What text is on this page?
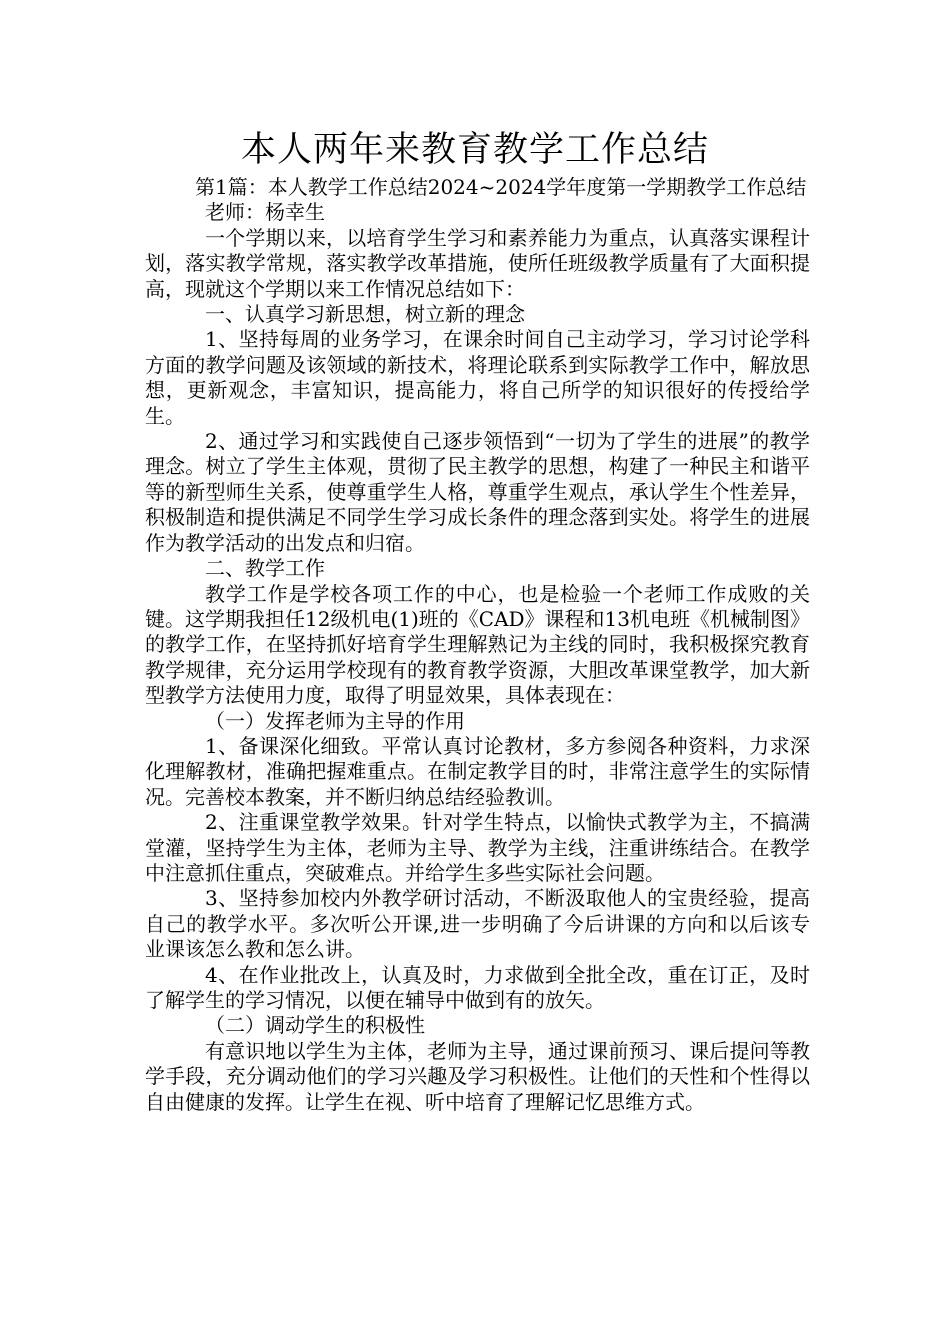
本人两年来教育教学工作总结

第1篇：本人教学工作总结2024~2024学年度第一学期教学工作总结

老师：杨幸生

一个学期以来，以培育学生学习和素养能力为重点，认真落实课程计划，落实教学常规，落实教学改革措施，使所任班级教学质量有了大面积提高，现就这个学期以来工作情况总结如下：

一、认真学习新思想，树立新的理念

1、坚持每周的业务学习，在课余时间自己主动学习，学习讨论学科方面的教学问题及该领域的新技术，将理论联系到实际教学工作中，解放思想，更新观念，丰富知识，提高能力，将自己所学的知识很好的传授给学生。

2、通过学习和实践使自己逐步领悟到“一切为了学生的进展”的教学理念。树立了学生主体观，贯彻了民主教学的思想，构建了一种民主和谐平等的新型师生关系，使尊重学生人格，尊重学生观点，承认学生个性差异，积极制造和提供满足不同学生学习成长条件的理念落到实处。将学生的进展作为教学活动的出发点和归宿。

二、教学工作

教学工作是学校各项工作的中心，也是检验一个老师工作成败的关键。这学期我担任12级机电(1)班的《CAD》课程和13机电班《机械制图》的教学工作，在坚持抓好培育学生理解熟记为主线的同时，我积极探究教育教学规律，充分运用学校现有的教育教学资源，大胆改革课堂教学，加大新型教学方法使用力度，取得了明显效果，具体表现在：

（一）发挥老师为主导的作用

1、备课深化细致。平常认真讨论教材，多方参阅各种资料，力求深化理解教材，准确把握难重点。在制定教学目的时，非常注意学生的实际情况。完善校本教案，并不断归纳总结经验教训。

2、注重课堂教学效果。针对学生特点，以愉快式教学为主，不搞满堂灌，坚持学生为主体，老师为主导、教学为主线，注重讲练结合。在教学中注意抓住重点，突破难点。并给学生多些实际社会问题。

3、坚持参加校内外教学研讨活动，不断汲取他人的宝贵经验，提高自己的教学水平。多次听公开课,进一步明确了今后讲课的方向和以后该专业课该怎么教和怎么讲。

4、在作业批改上，认真及时，力求做到全批全改，重在订正，及时了解学生的学习情况，以便在辅导中做到有的放矢。

（二）调动学生的积极性

有意识地以学生为主体，老师为主导，通过课前预习、课后提问等教学手段，充分调动他们的学习兴趣及学习积极性。让他们的天性和个性得以自由健康的发挥。让学生在视、听中培育了理解记忆思维方式。
